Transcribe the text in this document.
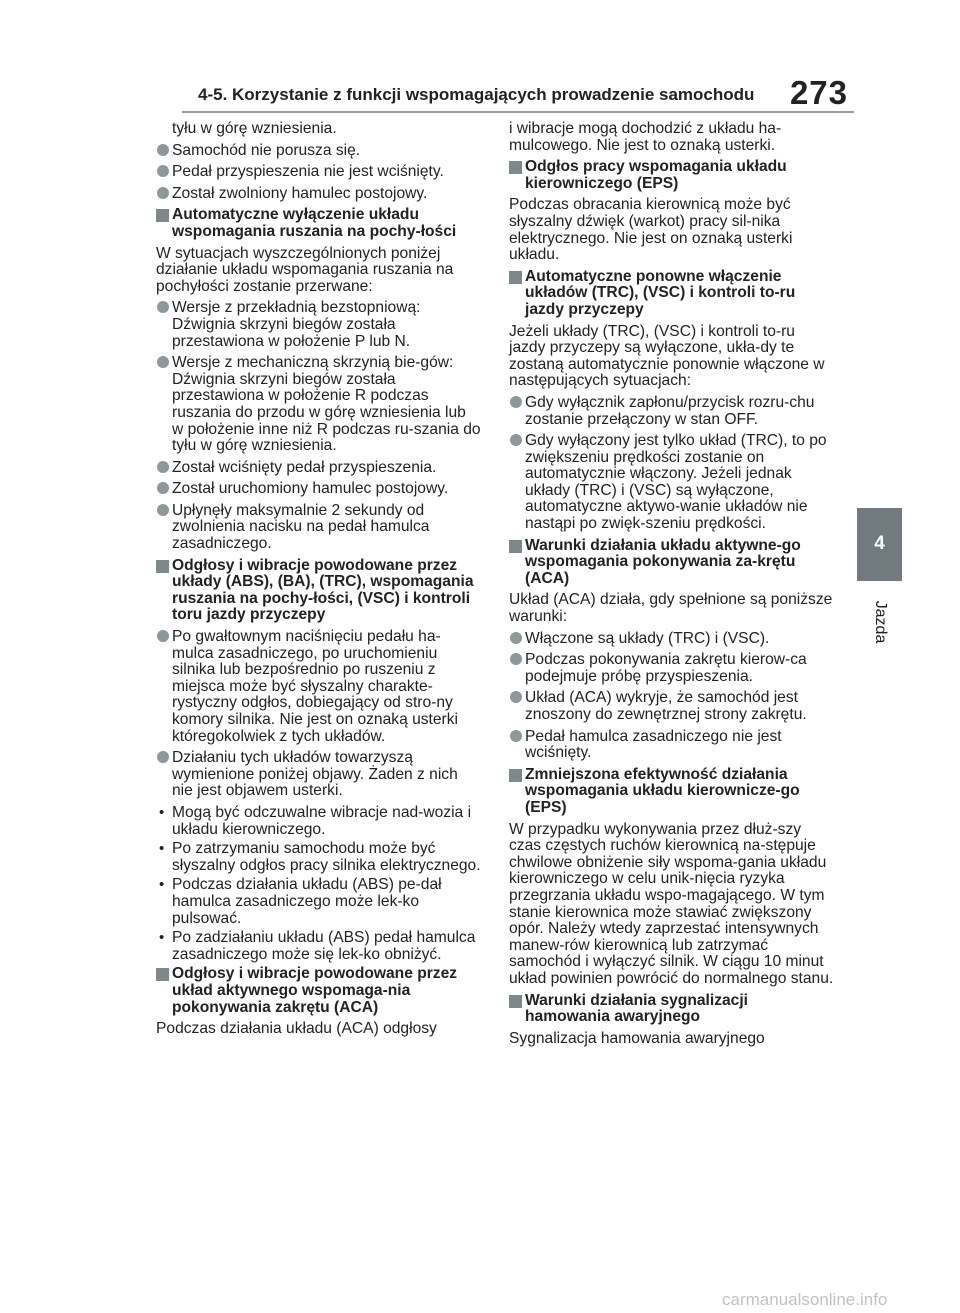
4-5. Korzystanie z funkcji wspomagających prowadzenie samochodu 273
4
Jazda
tyłu w górę wzniesienia.
Samochód nie porusza się.
Pedał przyspieszenia nie jest wciśnięty.
Został zwolniony hamulec postojowy.
Automatyczne wyłączenie układu wspomagania ruszania na pochy-łości
W sytuacjach wyszczególnionych poniżej działanie układu wspomagania ruszania na pochyłości zostanie przerwane:
Wersje z przekładnią bezstopniową: Dźwignia skrzyni biegów została przestawiona w położenie P lub N.
Wersje z mechaniczną skrzynią bie-gów: Dźwignia skrzyni biegów została przestawiona w położenie R podczas ruszania do przodu w górę wzniesienia lub w położenie inne niż R podczas ru-szania do tyłu w górę wzniesienia.
Został wciśnięty pedał przyspieszenia.
Został uruchomiony hamulec postojowy.
Upłynęły maksymalnie 2 sekundy od zwolnienia nacisku na pedał hamulca zasadniczego.
Odgłosy i wibracje powodowane przez układy (ABS), (BA), (TRC), wspomagania ruszania na pochy-łości, (VSC) i kontroli toru jazdy przyczepy
Po gwałtownym naciśnięciu pedału ha-mulca zasadniczego, po uruchomieniu silnika lub bezpośrednio po ruszeniu z miejsca może być słyszalny charakte-rystyczny odgłos, dobiegający od stro-ny komory silnika. Nie jest on oznaką usterki któregokolwiek z tych układów.
Działaniu tych układów towarzyszą wymienione poniżej objawy. Żaden z nich nie jest objawem usterki.
• Mogą być odczuwalne wibracje nad-wozia i układu kierowniczego.
• Po zatrzymaniu samochodu może być słyszalny odgłos pracy silnika elektrycznego.
• Podczas działania układu (ABS) pe-dał hamulca zasadniczego może lek-ko pulsować.
• Po zadziałaniu układu (ABS) pedał hamulca zasadniczego może się lek-ko obniżyć.
Odgłosy i wibracje powodowane przez układ aktywnego wspomaga-nia pokonywania zakrętu (ACA)
Podczas działania układu (ACA) odgłosy
i wibracje mogą dochodzić z układu ha-mulcowego. Nie jest to oznaką usterki.
Odgłos pracy wspomagania układu kierowniczego (EPS)
Podczas obracania kierownicą może być słyszalny dźwięk (warkot) pracy sil-nika elektrycznego. Nie jest on oznaką usterki układu.
Automatyczne ponowne włączenie układów (TRC), (VSC) i kontroli to-ru jazdy przyczepy
Jeżeli układy (TRC), (VSC) i kontroli to-ru jazdy przyczepy są wyłączone, ukła-dy te zostaną automatycznie ponownie włączone w następujących sytuacjach:
Gdy wyłącznik zapłonu/przycisk rozru-chu zostanie przełączony w stan OFF.
Gdy wyłączony jest tylko układ (TRC), to po zwiększeniu prędkości zostanie on automatycznie włączony. Jeżeli jednak układy (TRC) i (VSC) są wyłączone, automatyczne aktywo-wanie układów nie nastąpi po zwięk-szeniu prędkości.
Warunki działania układu aktywne-go wspomagania pokonywania za-krętu (ACA)
Układ (ACA) działa, gdy spełnione są poniższe warunki:
Włączone są układy (TRC) i (VSC).
Podczas pokonywania zakrętu kierow-ca podejmuje próbę przyspieszenia.
Układ (ACA) wykryje, że samochód jest znoszony do zewnętrznej strony zakrętu.
Pedał hamulca zasadniczego nie jest wciśnięty.
Zmniejszona efektywność działania wspomagania układu kierownicze-go (EPS)
W przypadku wykonywania przez dłuż-szy czas częstych ruchów kierownicą na-stępuje chwilowe obniżenie siły wspoma-gania układu kierowniczego w celu unik-nięcia ryzyka przegrzania układu wspo-magającego. W tym stanie kierownica może stawiać zwiększony opór. Należy wtedy zaprzestać intensywnych manew-rów kierownicą lub zatrzymać samochód i wyłączyć silnik. W ciągu 10 minut układ powinien powrócić do normalnego stanu.
Warunki działania sygnalizacji hamowania awaryjnego
Sygnalizacja hamowania awaryjnego
carmanualsonline.info
